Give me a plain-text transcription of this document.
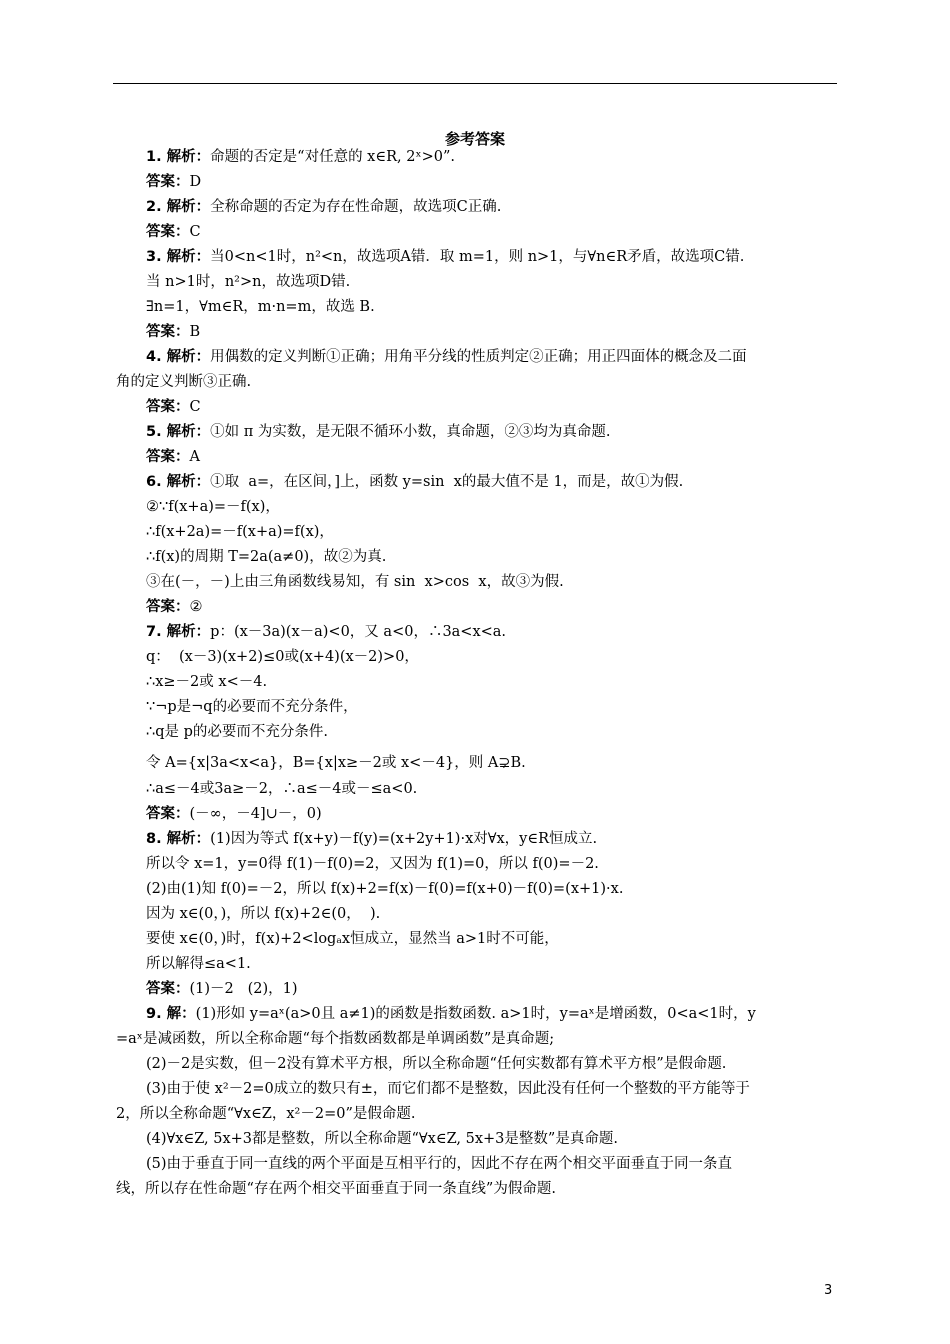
参考答案
1. 解析：命题的否定是“对任意的 x∈R, 2ˣ>0”.
答案：D
2. 解析：全称命题的否定为存在性命题，故选项C正确.
答案：C
3. 解析：当0<n<1时，n²<n，故选项A错．取 m=1，则 n>1，与∀n∈R矛盾，故选项C错.
当 n>1时，n²>n，故选项D错.
∃n=1，∀m∈R，m·n=m，故选 B.
答案：B
4. 解析：用偶数的定义判断①正确；用角平分线的性质判定②正确；用正四面体的概念及二面
角的定义判断③正确.
答案：C
5. 解析：①如 π 为实数，是无限不循环小数，真命题，②③均为真命题.
答案：A
6. 解析：①取  a=，在区间，]上，函数 y=sin  x的最大值不是 1，而是，故①为假.
②∵f(x+a)=－f(x)，
∴f(x+2a)=－f(x+a)=f(x)，
∴f(x)的周期 T=2a(a≠0)，故②为真.
③在(－，－)上由三角函数线易知，有 sin  x>cos  x，故③为假.
答案：②
7. 解析：p：(x－3a)(x－a)<0，又 a<0，∴3a<x<a.
q：  (x－3)(x+2)≤0或(x+4)(x－2)>0，
∴x≥－2或 x<－4.
∵¬p是¬q的必要而不充分条件，
∴q是 p的必要而不充分条件.
令 A={x|3a<x<a}，B={x|x≥－2或 x<－4}，则 A⊋B.
∴a≤－4或3a≥－2，∴a≤－4或－≤a<0.
答案：(－∞，－4]∪－，0)
8. 解析：(1)因为等式 f(x+y)－f(y)=(x+2y+1)·x对∀x，y∈R恒成立.
所以令 x=1，y=0得 f(1)－f(0)=2，又因为 f(1)=0，所以 f(0)=－2.
(2)由(1)知 f(0)=－2，所以 f(x)+2=f(x)－f(0)=f(x+0)－f(0)=(x+1)·x.
因为 x∈(0，)，所以 f(x)+2∈(0，  ).
要使 x∈(0，)时，f(x)+2<logₐx恒成立，显然当 a>1时不可能，
所以解得≤a<1.
答案：(1)－2   (2)，1)
9. 解：(1)形如 y=aˣ(a>0且 a≠1)的函数是指数函数. a>1时，y=aˣ是增函数，0<a<1时，y
=aˣ是减函数，所以全称命题“每个指数函数都是单调函数”是真命题;
(2)－2是实数，但－2没有算术平方根，所以全称命题“任何实数都有算术平方根”是假命题.
(3)由于使 x²－2=0成立的数只有±，而它们都不是整数，因此没有任何一个整数的平方能等于
2，所以全称命题“∀x∈Z，x²－2=0”是假命题.
(4)∀x∈Z, 5x+3都是整数，所以全称命题“∀x∈Z, 5x+3是整数”是真命题.
(5)由于垂直于同一直线的两个平面是互相平行的，因此不存在两个相交平面垂直于同一条直
线，所以存在性命题“存在两个相交平面垂直于同一条直线”为假命题.
3
